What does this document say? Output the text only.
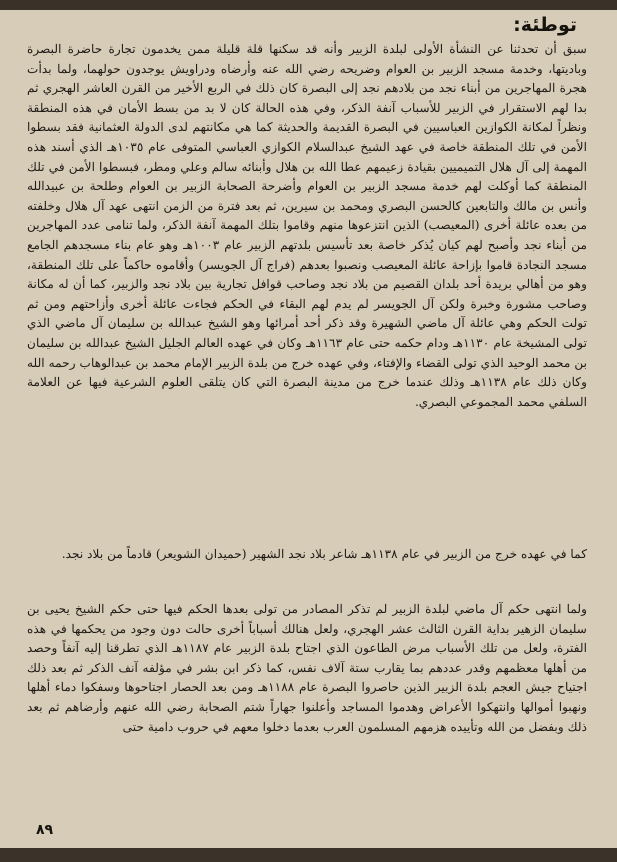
توطئة:

سبق أن تحدثنا عن النشأة الأولى لبلدة الزبير وأنه قد سكنها قلة قليلة ممن يخدمون تجارة حاضرة البصرة وباديتها، وخدمة مسجد الزبير بن العوام وضريحه رضي الله عنه وأرضاه ودراويش يوجدون حولهما، ولما بدأت هجرة المهاجرين من أبناء نجد من بلادهم نجد إلى البصرة كان ذلك في الربع الأخير من القرن العاشر الهجري ثم بدا لهم الاستقرار في الزبير للأسباب آنفة الذكر، وفي هذه الحالة كان لا بد من بسط الأمان في هذه المنطقة ونظراً لمكانة الكوازين العباسيين في البصرة القديمة والحديثة كما هي مكانتهم لدى الدولة العثمانية فقد بسطوا الأمن في تلك المنطقة خاصة في عهد الشيخ عبدالسلام الكوازي العباسي المتوفى عام ١٠٣٥هـ الذي أسند هذه المهمة إلى آل هلال التميميين بقيادة زعيمهم عطا الله بن هلال وأبنائه سالم وعلي ومطر، فبسطوا الأمن في تلك المنطقة كما أوكلت لهم خدمة مسجد الزبير بن العوام وأضرحة الصحابة الزبير بن العوام وطلحة بن عبيدالله وأنس بن مالك والتابعين كالحسن البصري ومحمد بن سيرين، ثم بعد فترة من الزمن انتهى عهد آل هلال وخلفته من بعده عائلة أخرى (المعيصب) الذين انتزعوها منهم وقاموا بتلك المهمة آنفة الذكر، ولما تنامى عدد المهاجرين من أبناء نجد وأصبح لهم كيان يُذكر خاصة بعد تأسيس بلدتهم الزبير عام ١٠٠٣هـ وهو عام بناء مسجدهم الجامع مسجد النجادة قاموا بإزاحة عائلة المعيصب ونصبوا بعدهم (فراج آل الجويسر) وأقاموه حاكماً على تلك المنطقة، وهو من أهالي بريدة أحد بلدان القصيم من بلاد نجد وصاحب قوافل تجارية بين بلاد نجد والزبير، كما أن له مكانة وصاحب مشورة وخبرة ولكن آل الجويسر لم يدم لهم البقاء في الحكم فجاءت عائلة أخرى وأزاحتهم ومن ثم تولت الحكم وهي عائلة آل ماضي الشهيرة وقد ذكر أحد أمرائها وهو الشيخ عبدالله بن سليمان آل ماضي الذي تولى المشيخة عام ١١٣٠هـ ودام حكمه حتى عام ١١٦٣هـ وكان في عهده العالم الجليل الشيخ عبدالله بن سليمان بن محمد الوحيد الذي تولى القضاء والإفتاء، وفي عهده خرج من بلدة الزبير الإمام محمد بن عبدالوهاب رحمه الله وكان ذلك عام ١١٣٨هـ وذلك عندما خرج من مدينة البصرة التي كان يتلقى العلوم الشرعية فيها عن العلامة السلفي محمد المجموعي البصري.

كما في عهده خرج من الزبير في عام ١١٣٨هـ شاعر بلاد نجد الشهير (حميدان الشويعر) قادماً من بلاد نجد.

ولما انتهى حكم آل ماضي لبلدة الزبير لم تذكر المصادر من تولى بعدها الحكم فيها حتى حكم الشيخ يحيى بن سليمان الزهير بداية القرن الثالث عشر الهجري، ولعل هنالك أسباباً أخرى حالت دون وجود من يحكمها في هذه الفترة، ولعل من تلك الأسباب مرض الطاعون الذي اجتاح بلدة الزبير عام ١١٨٧هـ الذي تطرقنا إليه آنفاً وحصد من أهلها معظمهم وقدر عددهم بما يقارب ستة آلاف نفس، كما ذكر ابن بشر في مؤلفه آنف الذكر ثم بعد ذلك اجتياح جيش العجم بلدة الزبير الذين حاصروا البصرة عام ١١٨٨هـ ومن بعد الحصار اجتاحوها وسفكوا دماء أهلها ونهبوا أموالها وانتهكوا الأعراض وهدموا المساجد وأعلنوا جهاراً شتم الصحابة رضي الله عنهم وأرضاهم ثم بعد ذلك وبفضل من الله وتأييده هزمهم المسلمون العرب بعدما دخلوا معهم في حروب دامية حتى

٨٩
